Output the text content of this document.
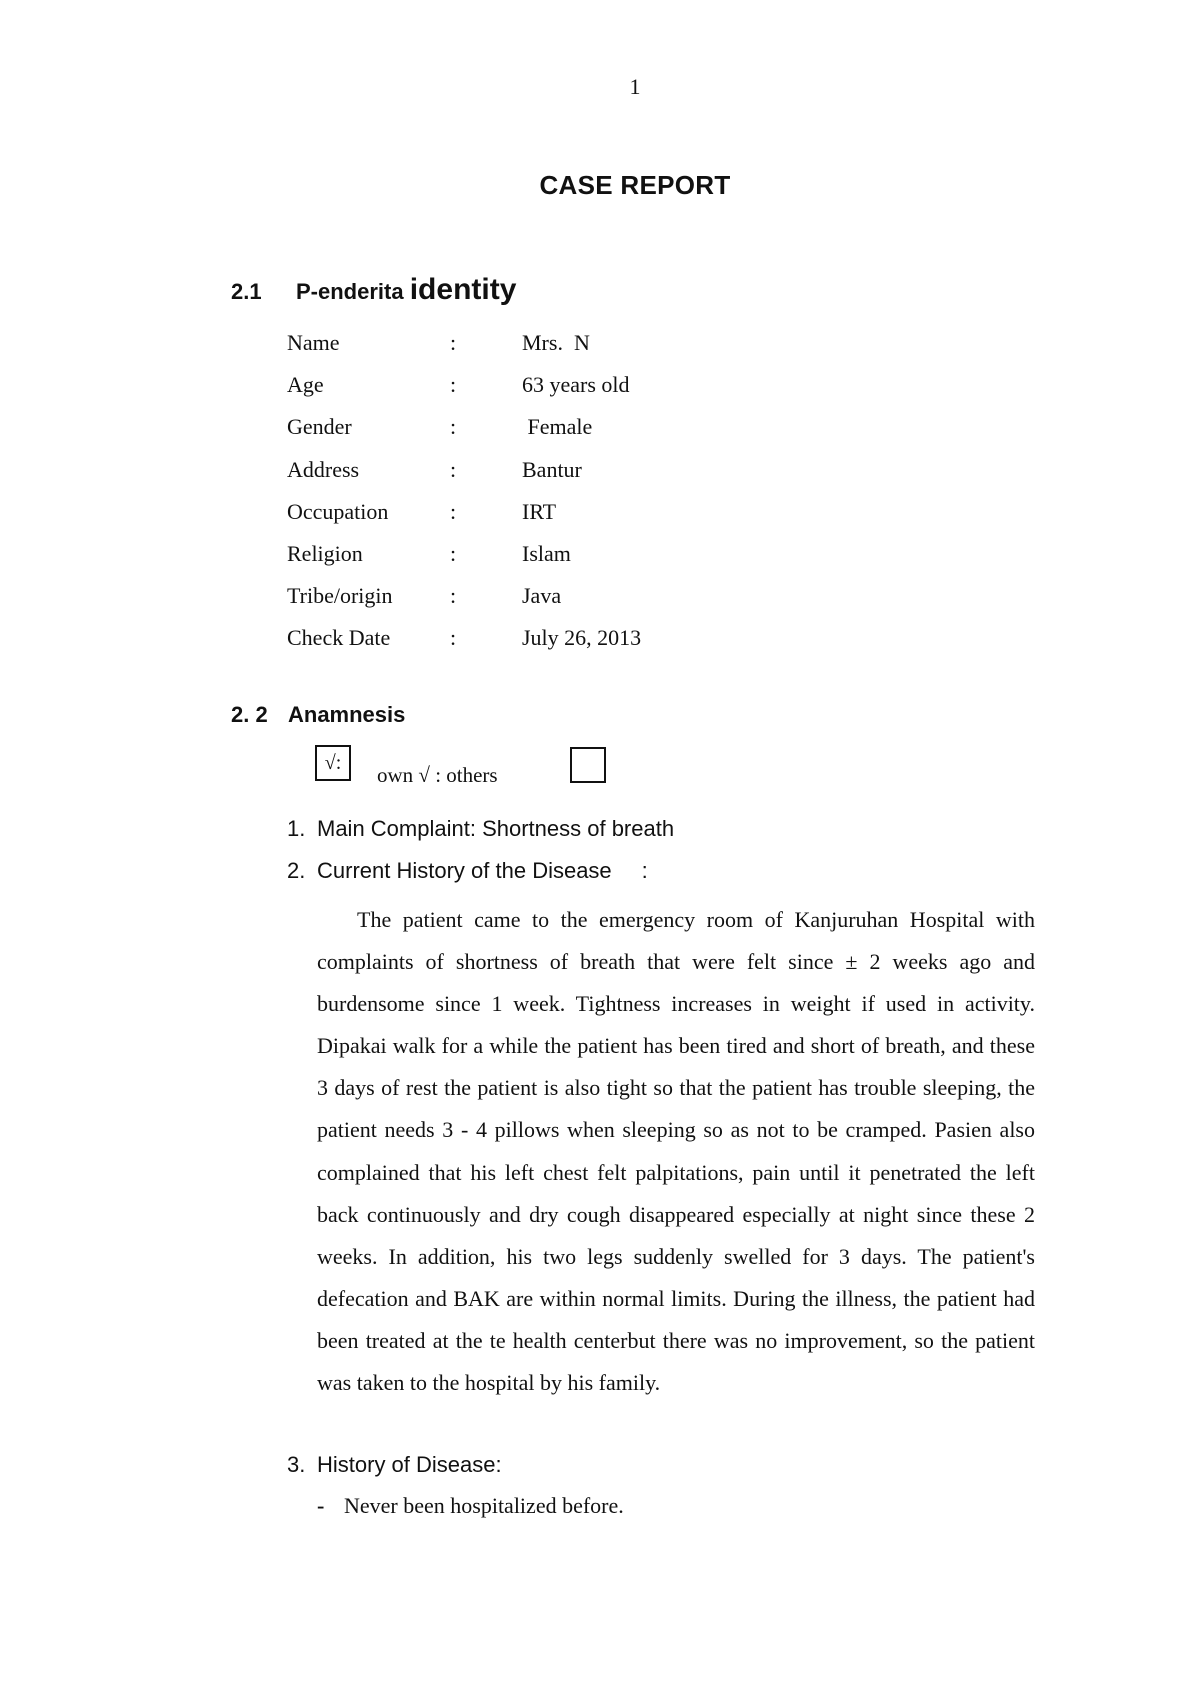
1
CASE REPORT
2.1 P-enderita identity
Name	:	Mrs.  N
Age	:	63 years old
Gender	:	Female
Address	:	Bantur
Occupation	:	IRT
Religion	:	Islam
Tribe/origin	:	Java
Check Date	:	July 26, 2013
2. 2 Anamnesis
√:	own √ : others
1. Main Complaint: Shortness of breath
2. Current History of the Disease :

The patient came to the emergency room of Kanjuruhan Hospital with complaints of shortness of breath that were felt since ± 2 weeks ago and burdensome since 1 week. Tightness increases in weight if used in activity. Dipakai walk for a while the patient has been tired and short of breath, and these 3 days of rest the patient is also tight so that the patient has trouble sleeping, the patient needs 3 - 4 pillows when sleeping so as not to be cramped. Pasien also complained that his left chest felt palpitations, pain until it penetrated the left back continuously and dry cough disappeared especially at night since these 2 weeks. In addition, his two legs suddenly swelled for 3 days. The patient's defecation and BAK are within normal limits. During the illness, the patient had been treated at the te health centerbut there was no improvement, so the patient was taken to the hospital by his family.

3. History of Disease:
- Never been hospitalized before.
